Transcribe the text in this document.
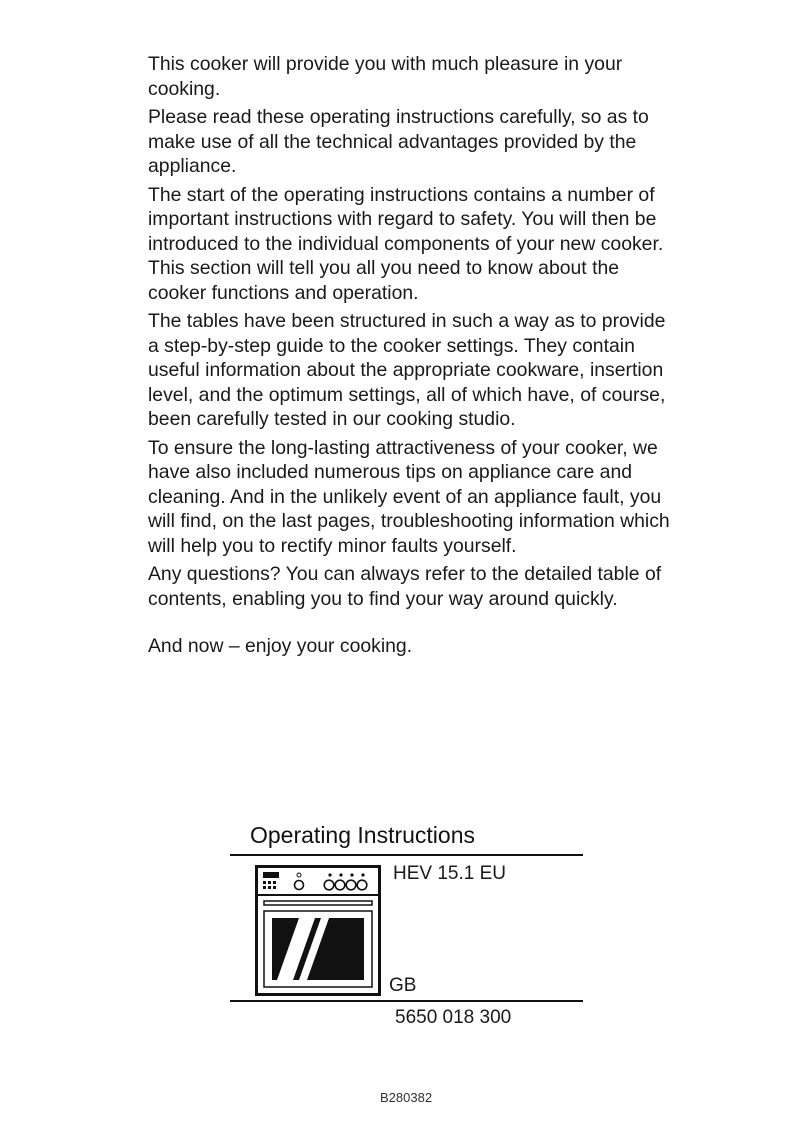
This cooker will provide you with much pleasure in your cooking.

Please read these operating instructions carefully, so as to make use of all the technical advantages provided by the appliance.

The start of the operating instructions contains a number of important instructions with regard to safety. You will then be introduced to the individual components of your new cooker. This section will tell you all you need to know about the cooker functions and operation.

The tables have been structured in such a way as to provide a step-by-step guide to the cooker settings. They contain useful information about the appropriate cookware, insertion level, and the optimum settings, all of which have, of course, been carefully tested in our cooking studio.

To ensure the long-lasting attractiveness of your cooker, we have also included numerous tips on appliance care and cleaning. And in the unlikely event of an appliance fault, you will find, on the last pages, troubleshooting information which will help you to rectify minor faults yourself.

Any questions? You can always refer to the detailed table of contents, enabling you to find your way around quickly.

And now – enjoy your cooking.

Operating Instructions

HEV 15.1 EU

GB

5650 018 300

B280382
